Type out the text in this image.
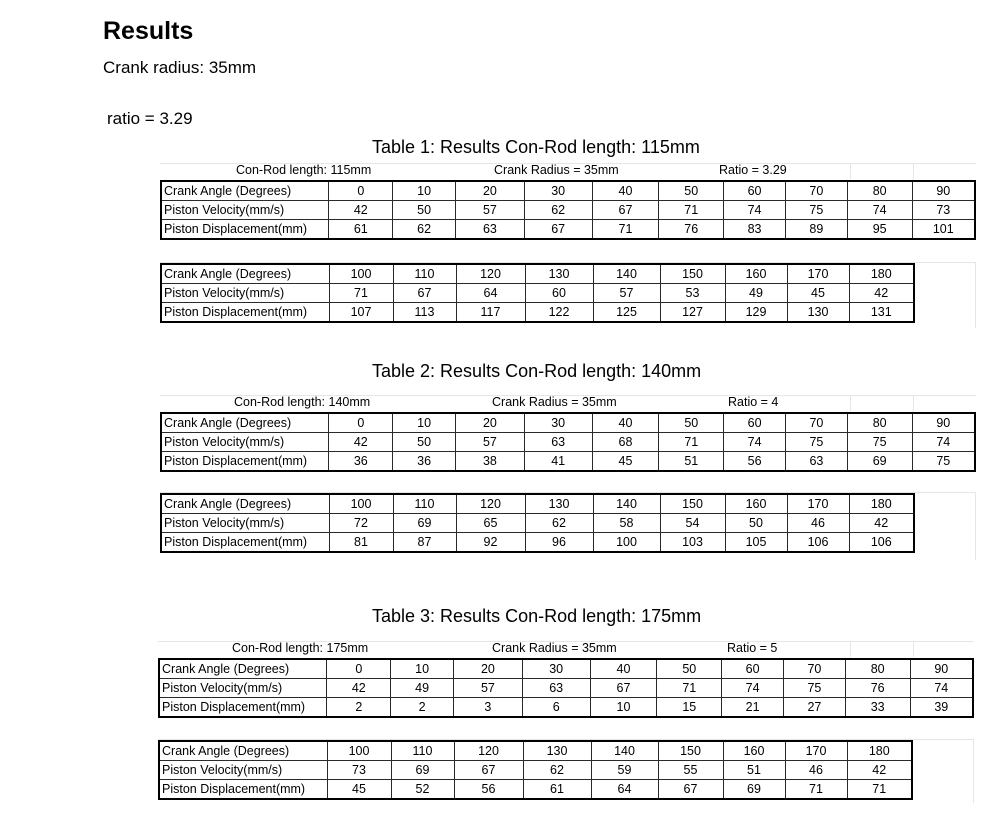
Results
Crank radius: 35mm
ratio = 3.29
Table 1: Results Con-Rod length: 115mm
Con-Rod length: 115mm	Crank Radius = 35mm	Ratio = 3.29
Crank Angle (Degrees)	0	10	20	30	40	50	60	70	80	90
Piston Velocity(mm/s)	42	50	57	62	67	71	74	75	74	73
Piston Displacement(mm)	61	62	63	67	71	76	83	89	95	101
Crank Angle (Degrees)	100	110	120	130	140	150	160	170	180
Piston Velocity(mm/s)	71	67	64	60	57	53	49	45	42
Piston Displacement(mm)	107	113	117	122	125	127	129	130	131
Table 2: Results Con-Rod length: 140mm
Con-Rod length: 140mm	Crank Radius = 35mm	Ratio = 4
Crank Angle (Degrees)	0	10	20	30	40	50	60	70	80	90
Piston Velocity(mm/s)	42	50	57	63	68	71	74	75	75	74
Piston Displacement(mm)	36	36	38	41	45	51	56	63	69	75
Crank Angle (Degrees)	100	110	120	130	140	150	160	170	180
Piston Velocity(mm/s)	72	69	65	62	58	54	50	46	42
Piston Displacement(mm)	81	87	92	96	100	103	105	106	106
Table 3: Results Con-Rod length: 175mm
Con-Rod length: 175mm	Crank Radius = 35mm	Ratio = 5
Crank Angle (Degrees)	0	10	20	30	40	50	60	70	80	90
Piston Velocity(mm/s)	42	49	57	63	67	71	74	75	76	74
Piston Displacement(mm)	2	2	3	6	10	15	21	27	33	39
Crank Angle (Degrees)	100	110	120	130	140	150	160	170	180
Piston Velocity(mm/s)	73	69	67	62	59	55	51	46	42
Piston Displacement(mm)	45	52	56	61	64	67	69	71	71
